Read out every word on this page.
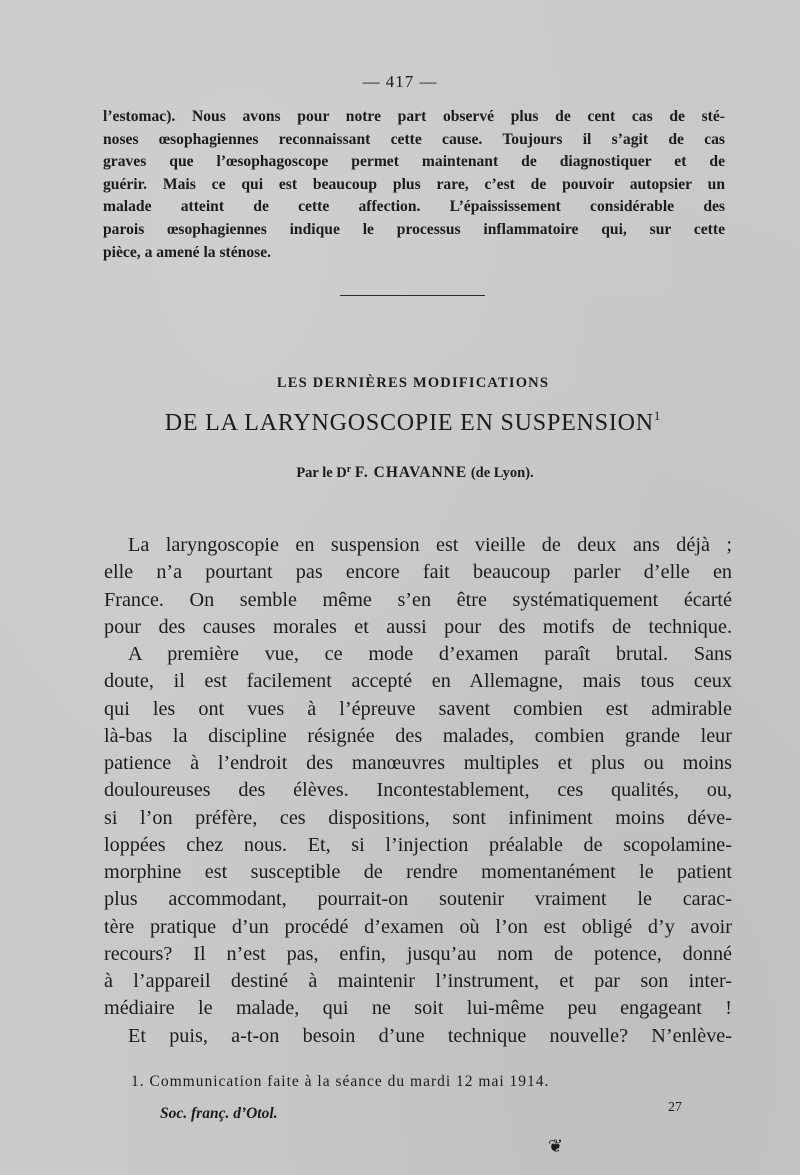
— 417 —
l’estomac). Nous avons pour notre part observé plus de cent cas de sté-
noses œsophagiennes reconnaissant cette cause. Toujours il s’agit de cas
graves que l’œsophagoscope permet maintenant de diagnostiquer et de
guérir. Mais ce qui est beaucoup plus rare, c’est de pouvoir autopsier un
malade atteint de cette affection. L’épaississement considérable des
parois œsophagiennes indique le processus inflammatoire qui, sur cette
pièce, a amené la sténose.
LES DERNIÈRES MODIFICATIONS
DE LA LARYNGOSCOPIE EN SUSPENSION$^1$
Par le $D^r$ F. CHAVANNE (de Lyon).
La laryngoscopie en suspension est vieille de deux ans déjà ;
elle n’a pourtant pas encore fait beaucoup parler d’elle en
France. On semble même s’en être systématiquement écarté
pour des causes morales et aussi pour des motifs de technique.
A première vue, ce mode d’examen paraît brutal. Sans
doute, il est facilement accepté en Allemagne, mais tous ceux
qui les ont vues à l’épreuve savent combien est admirable
là-bas la discipline résignée des malades, combien grande leur
patience à l’endroit des manœuvres multiples et plus ou moins
douloureuses des élèves. Incontestablement, ces qualités, ou,
si l’on préfère, ces dispositions, sont infiniment moins déve-
loppées chez nous. Et, si l’injection préalable de scopolamine-
morphine est susceptible de rendre momentanément le patient
plus accommodant, pourrait-on soutenir vraiment le carac-
tère pratique d’un procédé d’examen où l’on est obligé d’y avoir
recours? Il n’est pas, enfin, jusqu’au nom de potence, donné
à l’appareil destiné à maintenir l’instrument, et par son inter-
médiaire le malade, qui ne soit lui-même peu engageant !
Et puis, a-t-on besoin d’une technique nouvelle? N’enlève-
1. Communication faite à la séance du mardi 12 mai 1914.
Soc. franç. d’Otol.	27
❦
